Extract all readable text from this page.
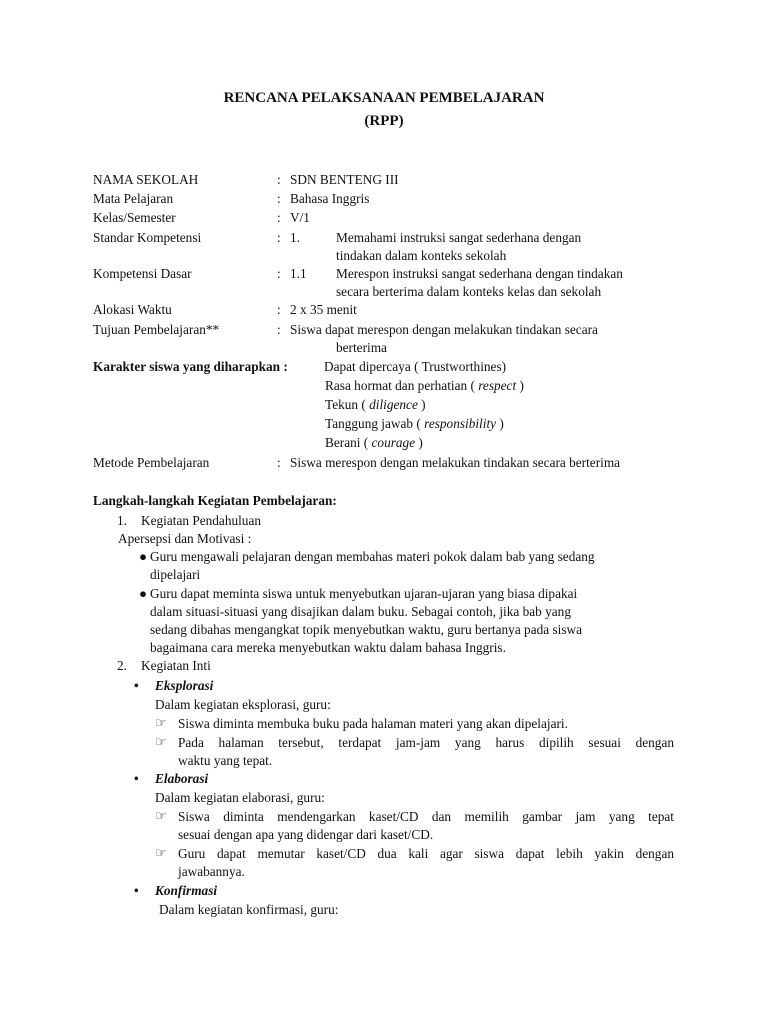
RENCANA PELAKSANAAN PEMBELAJARAN
(RPP)
NAMA SEKOLAH	: SDN BENTENG III
Mata Pelajaran	: Bahasa Inggris
Kelas/Semester	: V/1
Standar Kompetensi	: 1.	Memahami instruksi sangat sederhana dengan
tindakan dalam konteks sekolah
Kompetensi Dasar	: 1.1 Merespon instruksi sangat sederhana dengan tindakan
secara berterima dalam konteks kelas dan sekolah
Alokasi Waktu	: 2 x 35 menit
Tujuan Pembelajaran**	: Siswa dapat merespon dengan melakukan tindakan secara
berterima
Karakter siswa yang diharapkan :	Dapat dipercaya ( Trustworthines)
Rasa hormat dan perhatian ( respect )
Tekun ( diligence )
Tanggung jawab ( responsibility )
Berani ( courage )
Metode Pembelajaran	: Siswa merespon dengan melakukan tindakan secara berterima
Langkah-langkah Kegiatan Pembelajaran:
1. Kegiatan Pendahuluan
Apersepsi dan Motivasi :
● Guru mengawali pelajaran dengan membahas materi pokok dalam bab yang sedang
dipelajari
● Guru dapat meminta siswa untuk menyebutkan ujaran-ujaran yang biasa dipakai
dalam situasi-situasi yang disajikan dalam buku. Sebagai contoh, jika bab yang
sedang dibahas mengangkat topik menyebutkan waktu, guru bertanya pada siswa
bagaimana cara mereka menyebutkan waktu dalam bahasa Inggris.
2. Kegiatan Inti
• Eksplorasi
Dalam kegiatan eksplorasi, guru:
☞ Siswa diminta membuka buku pada halaman materi yang akan dipelajari.
☞ Pada halaman tersebut, terdapat jam-jam yang harus dipilih sesuai dengan
waktu yang tepat.
• Elaborasi
Dalam kegiatan elaborasi, guru:
☞ Siswa diminta mendengarkan kaset/CD dan memilih gambar jam yang tepat
sesuai dengan apa yang didengar dari kaset/CD.
☞ Guru dapat memutar kaset/CD dua kali agar siswa dapat lebih yakin dengan
jawabannya.
• Konfirmasi
Dalam kegiatan konfirmasi, guru:
